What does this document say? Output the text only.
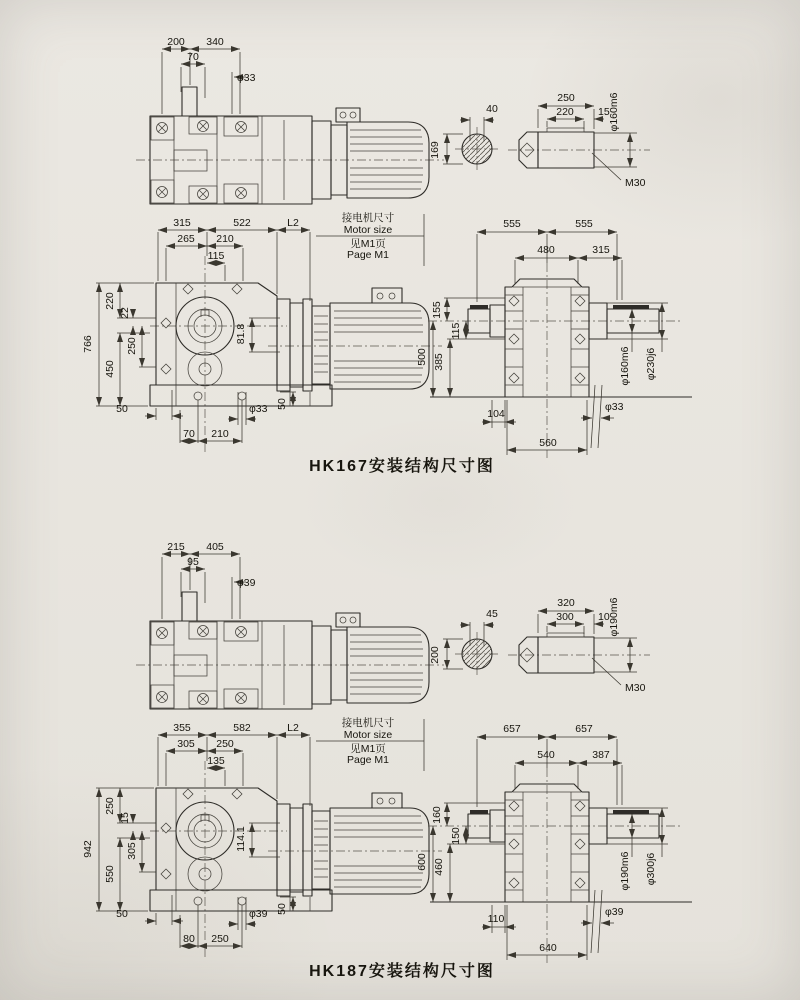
200 340
70
φ33
40
169
250
220 15
φ160m6
M30
315	522	L2
265 210
115
766
220
22
250
450
81.8
50
70 210
φ33 50
接电机尺寸
Motor size
见M1页
Page M1
555	555
480	315
155
385
115
500	φ160m6 φ230j6
104
560
φ33
HK167安装结构尺寸图
215 405
95
φ39
45
200
320
300 10
φ190m6
M30
355	582	L2
305 250
135
942
250
15
305
550
114.1
50
80 250
φ39 50
接电机尺寸
Motor size
见M1页
Page M1
657	657
540	387
160
460
150
600	φ190m6 φ300j6
110
640
φ39
HK187安装结构尺寸图
